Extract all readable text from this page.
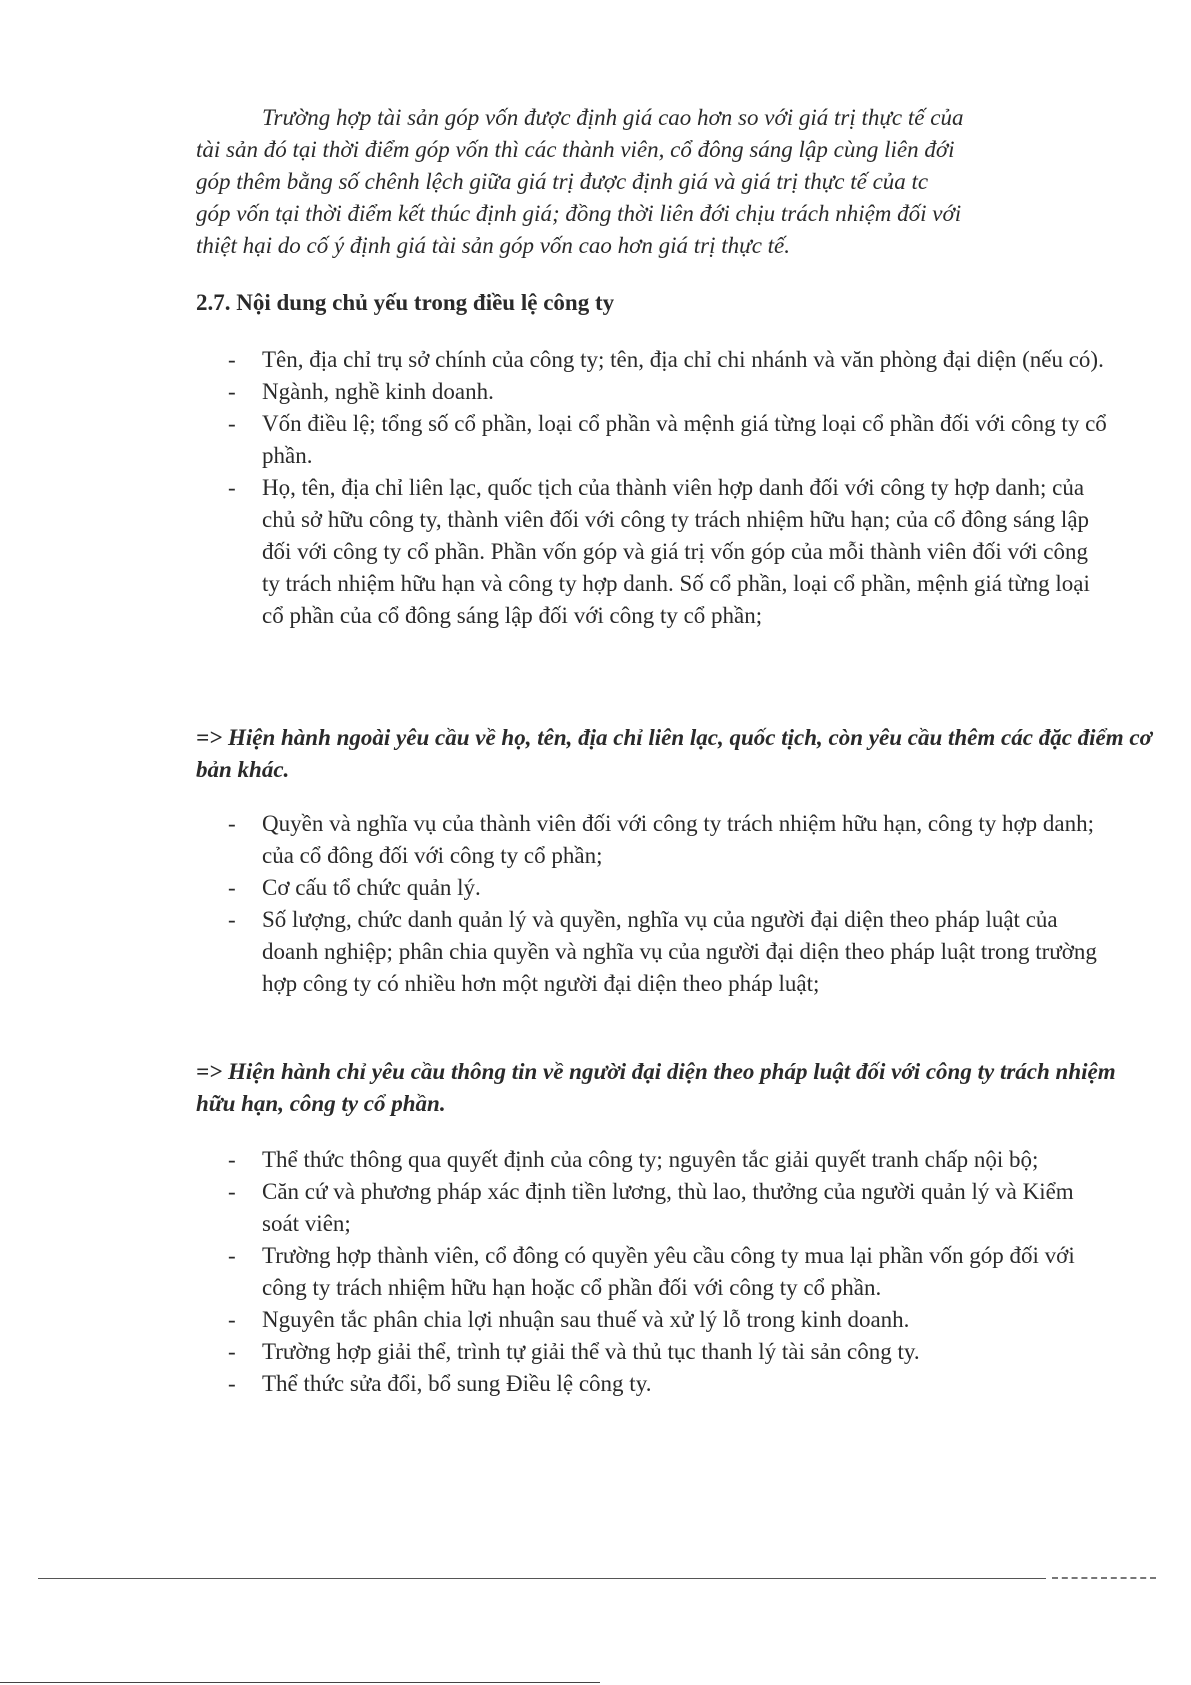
Trường hợp tài sản góp vốn được định giá cao hơn so với giá trị thực tế của
tài sản đó tại thời điểm góp vốn thì các thành viên, cổ đông sáng lập cùng liên đới
góp thêm bằng số chênh lệch giữa giá trị được định giá và giá trị thực tế của tc
góp vốn tại thời điểm kết thúc định giá; đồng thời liên đới chịu trách nhiệm đối với
thiệt hại do cố ý định giá tài sản góp vốn cao hơn giá trị thực tế.

2.7. Nội dung chủ yếu trong điều lệ công ty
- Tên, địa chỉ trụ sở chính của công ty; tên, địa chỉ chi nhánh và văn phòng đại diện (nếu có).
- Ngành, nghề kinh doanh.
- Vốn điều lệ; tổng số cổ phần, loại cổ phần và mệnh giá từng loại cổ phần đối với công ty cổ phần.
- Họ, tên, địa chỉ liên lạc, quốc tịch của thành viên hợp danh đối với công ty hợp danh; của chủ sở hữu công ty, thành viên đối với công ty trách nhiệm hữu hạn; của cổ đông sáng lập đối với công ty cổ phần. Phần vốn góp và giá trị vốn góp của mỗi thành viên đối với công ty trách nhiệm hữu hạn và công ty hợp danh. Số cổ phần, loại cổ phần, mệnh giá từng loại cổ phần của cổ đông sáng lập đối với công ty cổ phần;

=> Hiện hành ngoài yêu cầu về họ, tên, địa chỉ liên lạc, quốc tịch, còn yêu cầu thêm các đặc điểm cơ bản khác.

- Quyền và nghĩa vụ của thành viên đối với công ty trách nhiệm hữu hạn, công ty hợp danh; của cổ đông đối với công ty cổ phần;
- Cơ cấu tổ chức quản lý.
- Số lượng, chức danh quản lý và quyền, nghĩa vụ của người đại diện theo pháp luật của doanh nghiệp; phân chia quyền và nghĩa vụ của người đại diện theo pháp luật trong trường hợp công ty có nhiều hơn một người đại diện theo pháp luật;

=> Hiện hành chỉ yêu cầu thông tin về người đại diện theo pháp luật đối với công ty trách nhiệm hữu hạn, công ty cổ phần.

- Thể thức thông qua quyết định của công ty; nguyên tắc giải quyết tranh chấp nội bộ;
- Căn cứ và phương pháp xác định tiền lương, thù lao, thưởng của người quản lý và Kiểm soát viên;
- Trường hợp thành viên, cổ đông có quyền yêu cầu công ty mua lại phần vốn góp đối với công ty trách nhiệm hữu hạn hoặc cổ phần đối với công ty cổ phần.
- Nguyên tắc phân chia lợi nhuận sau thuế và xử lý lỗ trong kinh doanh.
- Trường hợp giải thể, trình tự giải thể và thủ tục thanh lý tài sản công ty.
- Thể thức sửa đổi, bổ sung Điều lệ công ty.
